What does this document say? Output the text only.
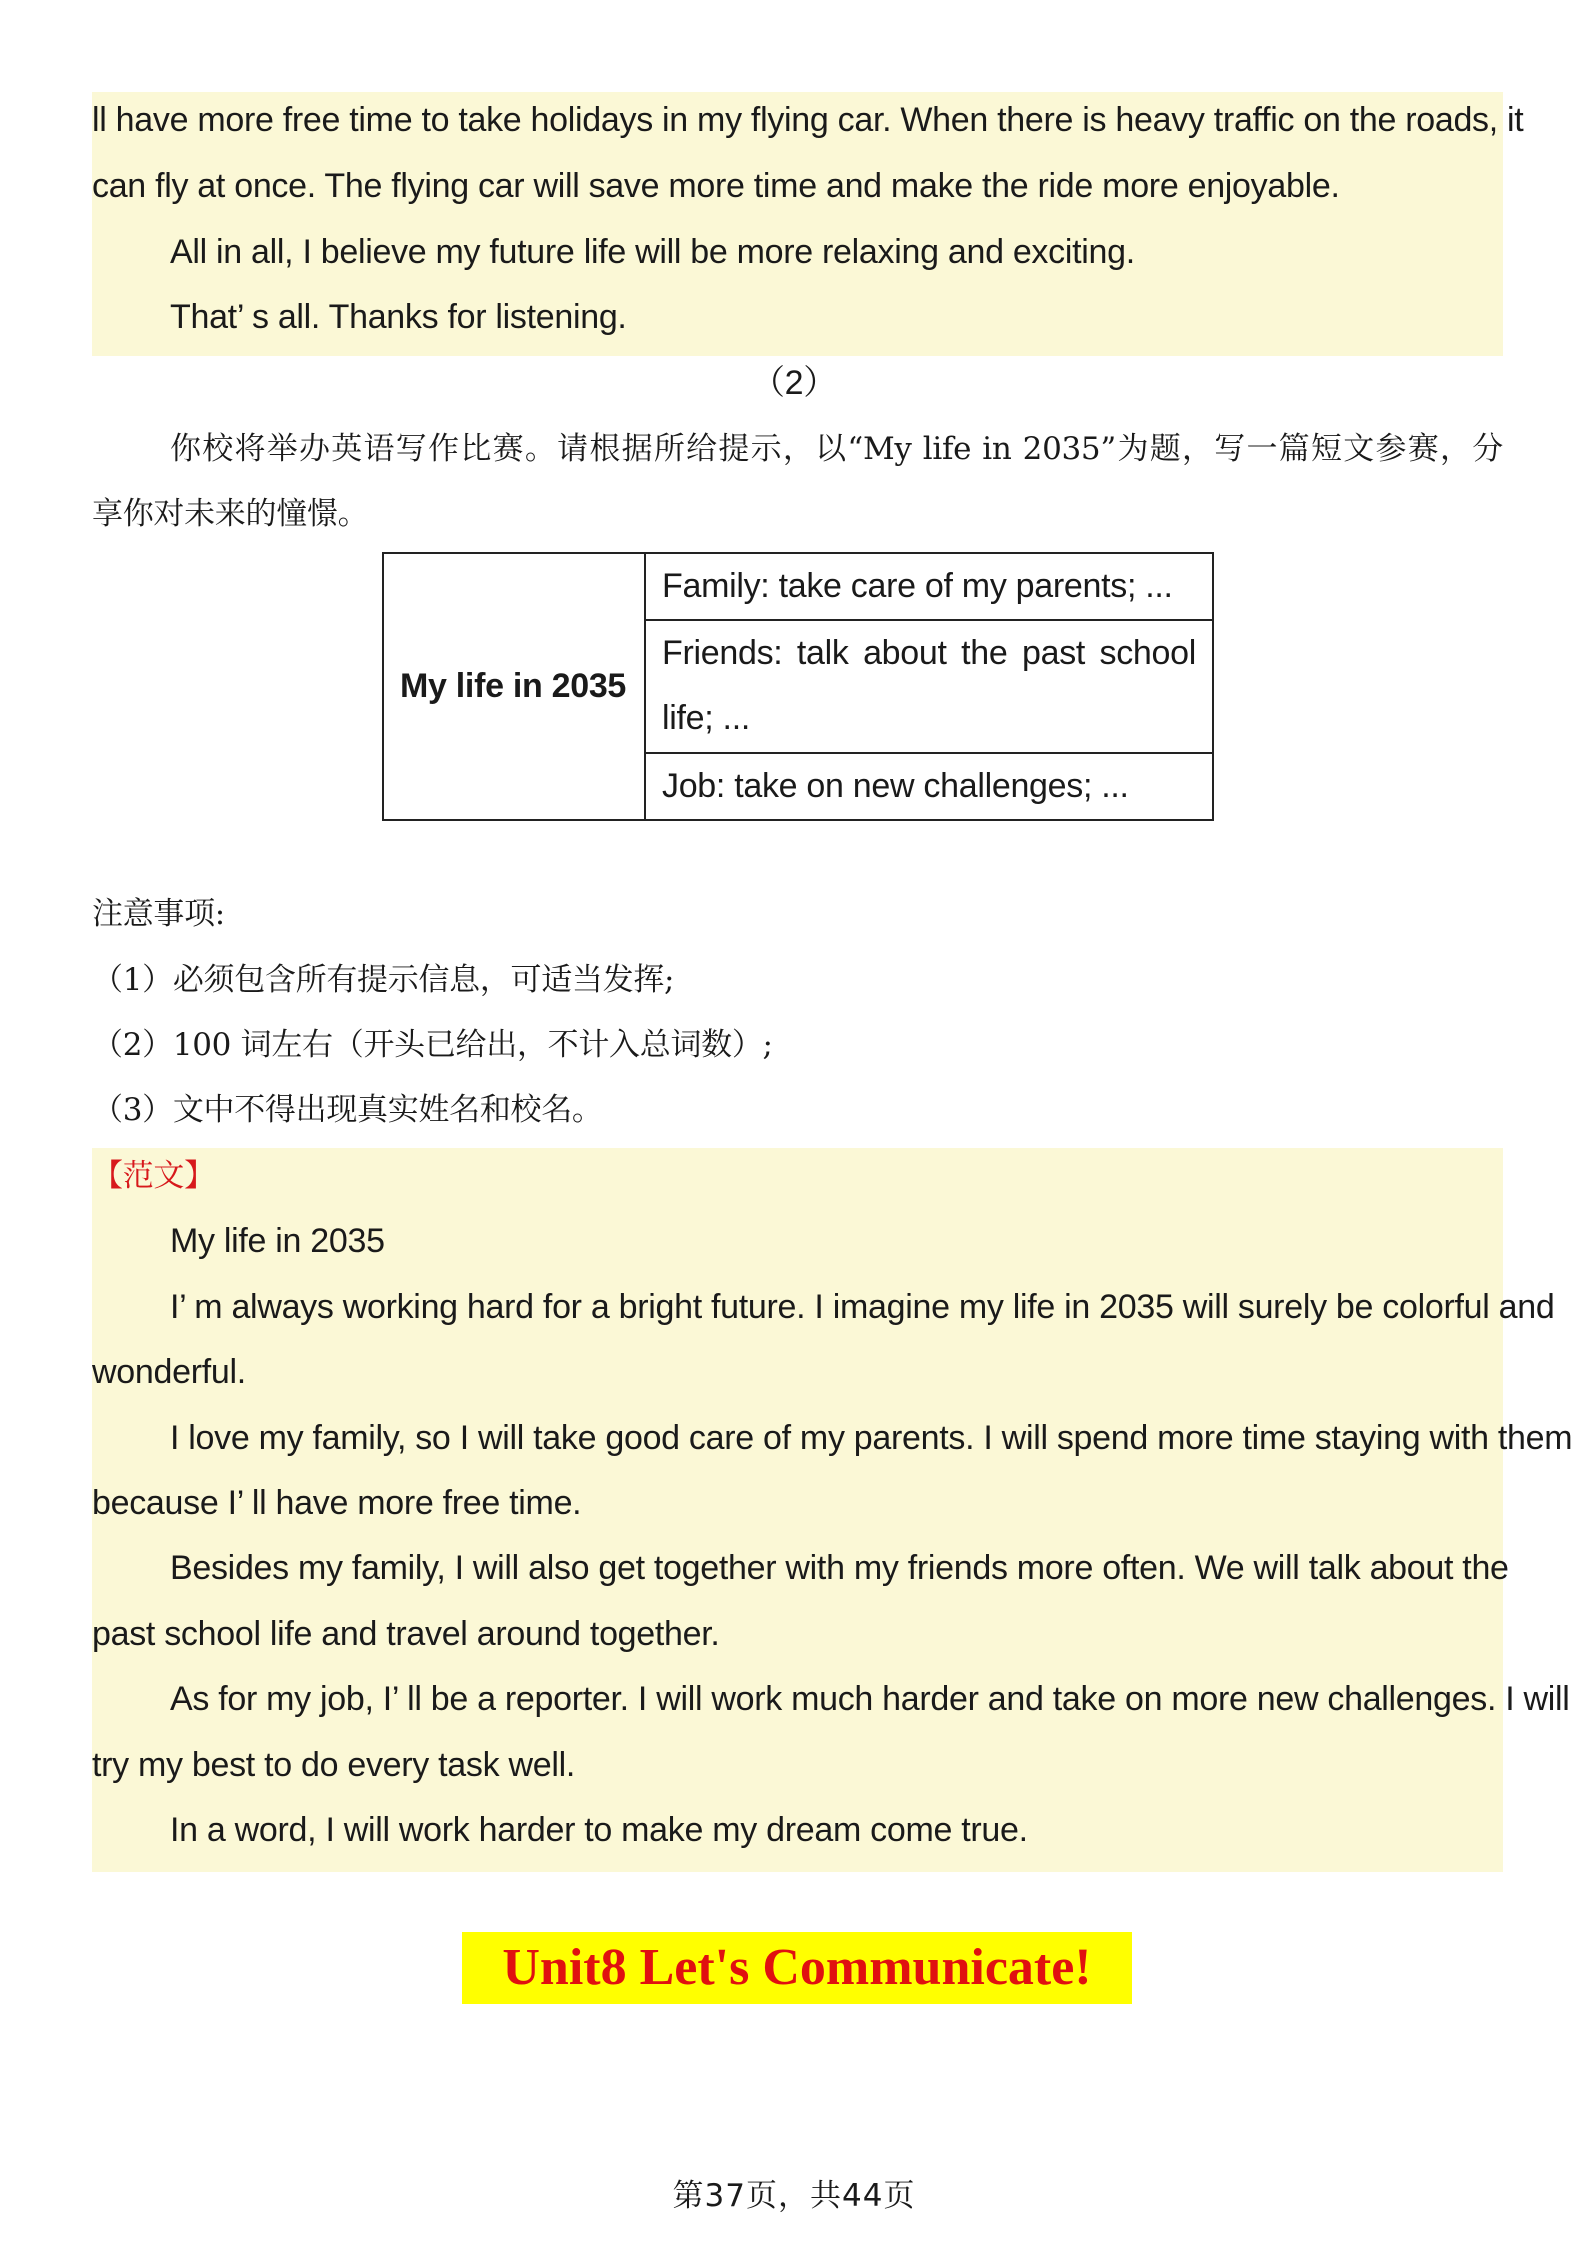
ll have more free time to take holidays in my flying car. When there is heavy traffic on the roads, it
can fly at once. The flying car will save more time and make the ride more enjoyable.
All in all, I believe my future life will be more relaxing and exciting.
That’ s all. Thanks for listening.
（2）
你校将举办英语写作比赛。请根据所给提示，以“My life in 2035”为题，写一篇短文参赛，分
享你对未来的憧憬。
My life in 2035	
Family: take care of my parents; ...

Friends: talk about the past school
life; ...

Job: take on new challenges; ...
注意事项:
（1）必须包含所有提示信息，可适当发挥;
（2）100 词左右（开头已给出，不计入总词数）;
（3）文中不得出现真实姓名和校名。
【范文】
My life in 2035
I’ m always working hard for a bright future. I imagine my life in 2035 will surely be colorful and
wonderful.
I love my family, so I will take good care of my parents. I will spend more time staying with them
because I’ ll have more free time.
Besides my family, I will also get together with my friends more often. We will talk about the
past school life and travel around together.
As for my job, I’ ll be a reporter. I will work much harder and take on more new challenges. I will
try my best to do every task well.
In a word, I will work harder to make my dream come true.
Unit8 Let's Communicate!
第37页，共44页
